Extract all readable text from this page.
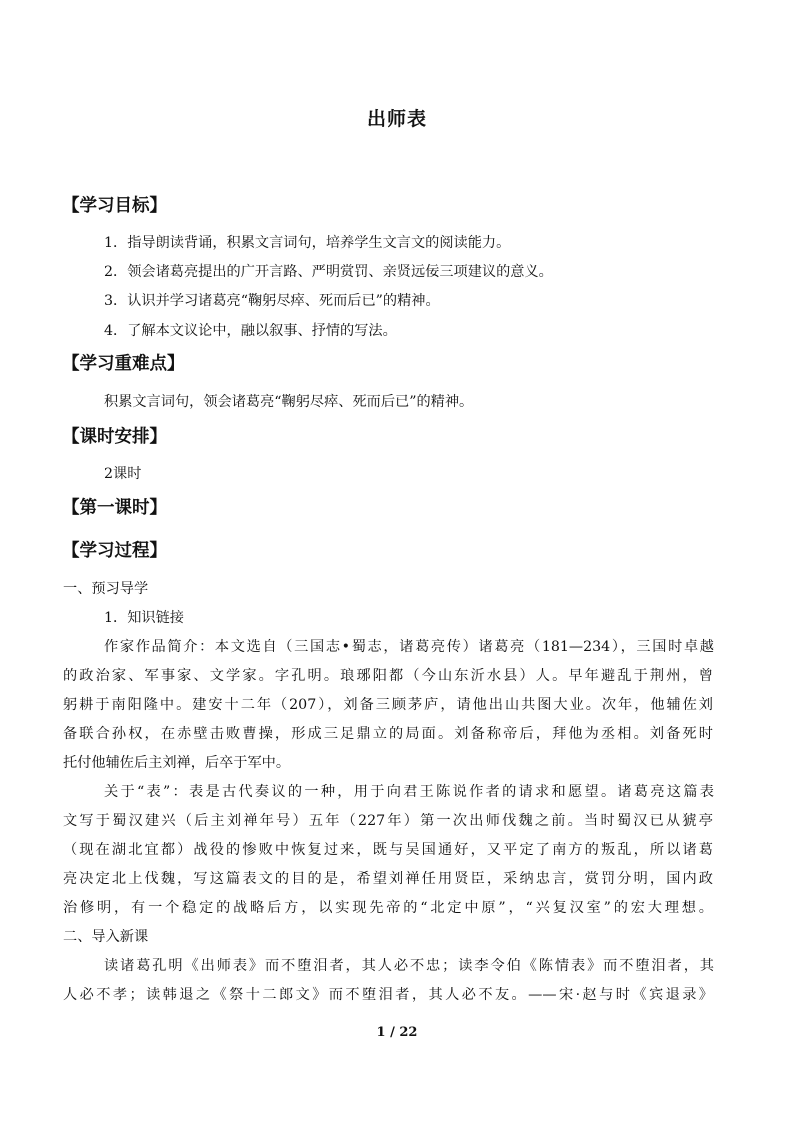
出师表
【学习目标】
1．指导朗读背诵，积累文言词句，培养学生文言文的阅读能力。
2．领会诸葛亮提出的广开言路、严明赏罚、亲贤远佞三项建议的意义。
3．认识并学习诸葛亮“鞠躬尽瘁、死而后已”的精神。
4．了解本文议论中，融以叙事、抒情的写法。
【学习重难点】
积累文言词句，领会诸葛亮“鞠躬尽瘁、死而后已”的精神。
【课时安排】
2课时
【第一课时】
【学习过程】
一、预习导学
1．知识链接
作家作品简介：本文选自（三国志•蜀志，诸葛亮传）诸葛亮（181—234），三国时卓越
的政治家、军事家、文学家。字孔明。琅琊阳都（今山东沂水县）人。早年避乱于荆州，曾
躬耕于南阳隆中。建安十二年（207），刘备三顾茅庐，请他出山共图大业。次年，他辅佐刘
备联合孙权，在赤壁击败曹操，形成三足鼎立的局面。刘备称帝后，拜他为丞相。刘备死时
托付他辅佐后主刘禅，后卒于军中。
关于“表”：表是古代奏议的一种，用于向君王陈说作者的请求和愿望。诸葛亮这篇表
文写于蜀汉建兴（后主刘禅年号）五年（227年）第一次出师伐魏之前。当时蜀汉已从猇亭
（现在湖北宜都）战役的惨败中恢复过来，既与吴国通好，又平定了南方的叛乱，所以诸葛
亮决定北上伐魏，写这篇表文的目的是，希望刘禅任用贤臣，采纳忠言，赏罚分明，国内政
治修明，有一个稳定的战略后方，以实现先帝的“北定中原”，“兴复汉室”的宏大理想。
二、导入新课
读诸葛孔明《出师表》而不堕泪者，其人必不忠；读李令伯《陈情表》而不堕泪者，其
人必不孝；读韩退之《祭十二郎文》而不堕泪者，其人必不友。——宋·赵与时《宾退录》
1 / 22
